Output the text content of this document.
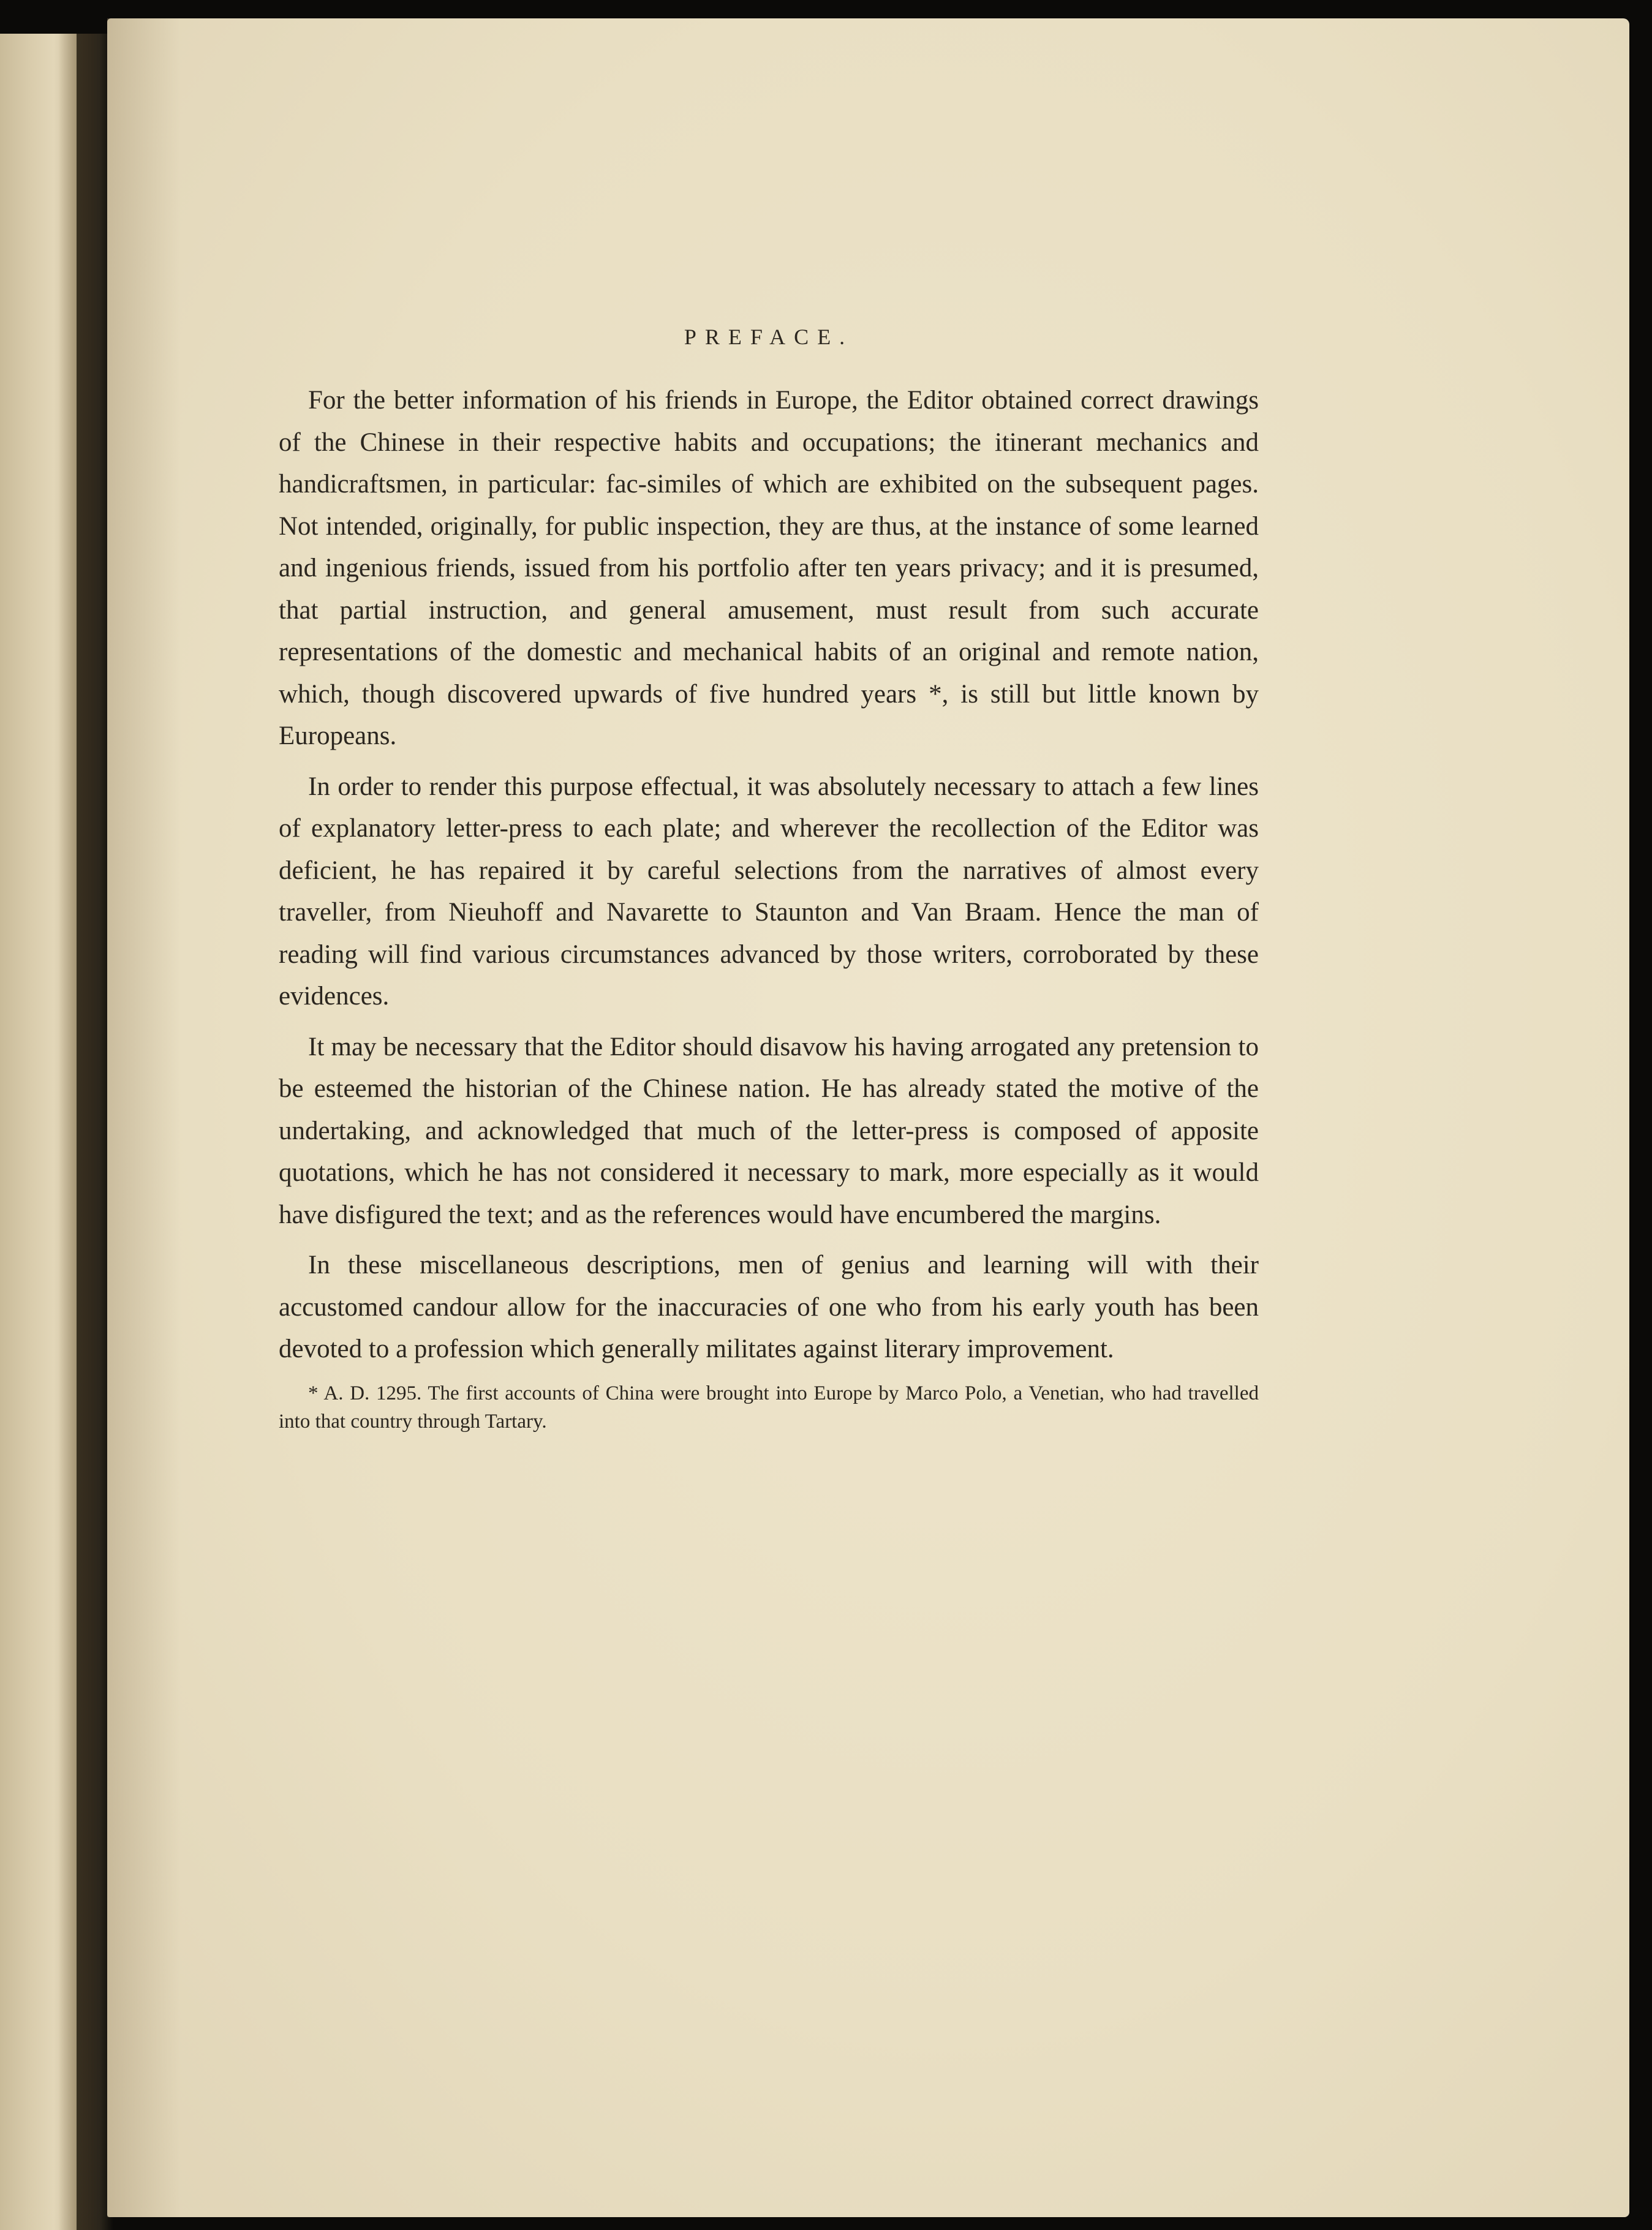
PREFACE.

For the better information of his friends in Europe, the Editor obtained correct drawings of the Chinese in their respective habits and occupations; the itinerant mechanics and handicraftsmen, in particular: fac-similes of which are exhibited on the subsequent pages. Not intended, originally, for public inspection, they are thus, at the instance of some learned and ingenious friends, issued from his portfolio after ten years privacy; and it is presumed, that partial instruction, and general amusement, must result from such accurate representations of the domestic and mechanical habits of an original and remote nation, which, though discovered upwards of five hundred years *, is still but little known by Europeans.

In order to render this purpose effectual, it was absolutely necessary to attach a few lines of explanatory letter-press to each plate; and wherever the recollection of the Editor was deficient, he has repaired it by careful selections from the narratives of almost every traveller, from Nieuhoff and Navarette to Staunton and Van Braam. Hence the man of reading will find various circumstances advanced by those writers, corroborated by these evidences.

It may be necessary that the Editor should disavow his having arrogated any pretension to be esteemed the historian of the Chinese nation. He has already stated the motive of the undertaking, and acknowledged that much of the letter-press is composed of apposite quotations, which he has not considered it necessary to mark, more especially as it would have disfigured the text; and as the references would have encumbered the margins.

In these miscellaneous descriptions, men of genius and learning will with their accustomed candour allow for the inaccuracies of one who from his early youth has been devoted to a profession which generally militates against literary improvement.

* A. D. 1295. The first accounts of China were brought into Europe by Marco Polo, a Venetian, who had travelled into that country through Tartary.
